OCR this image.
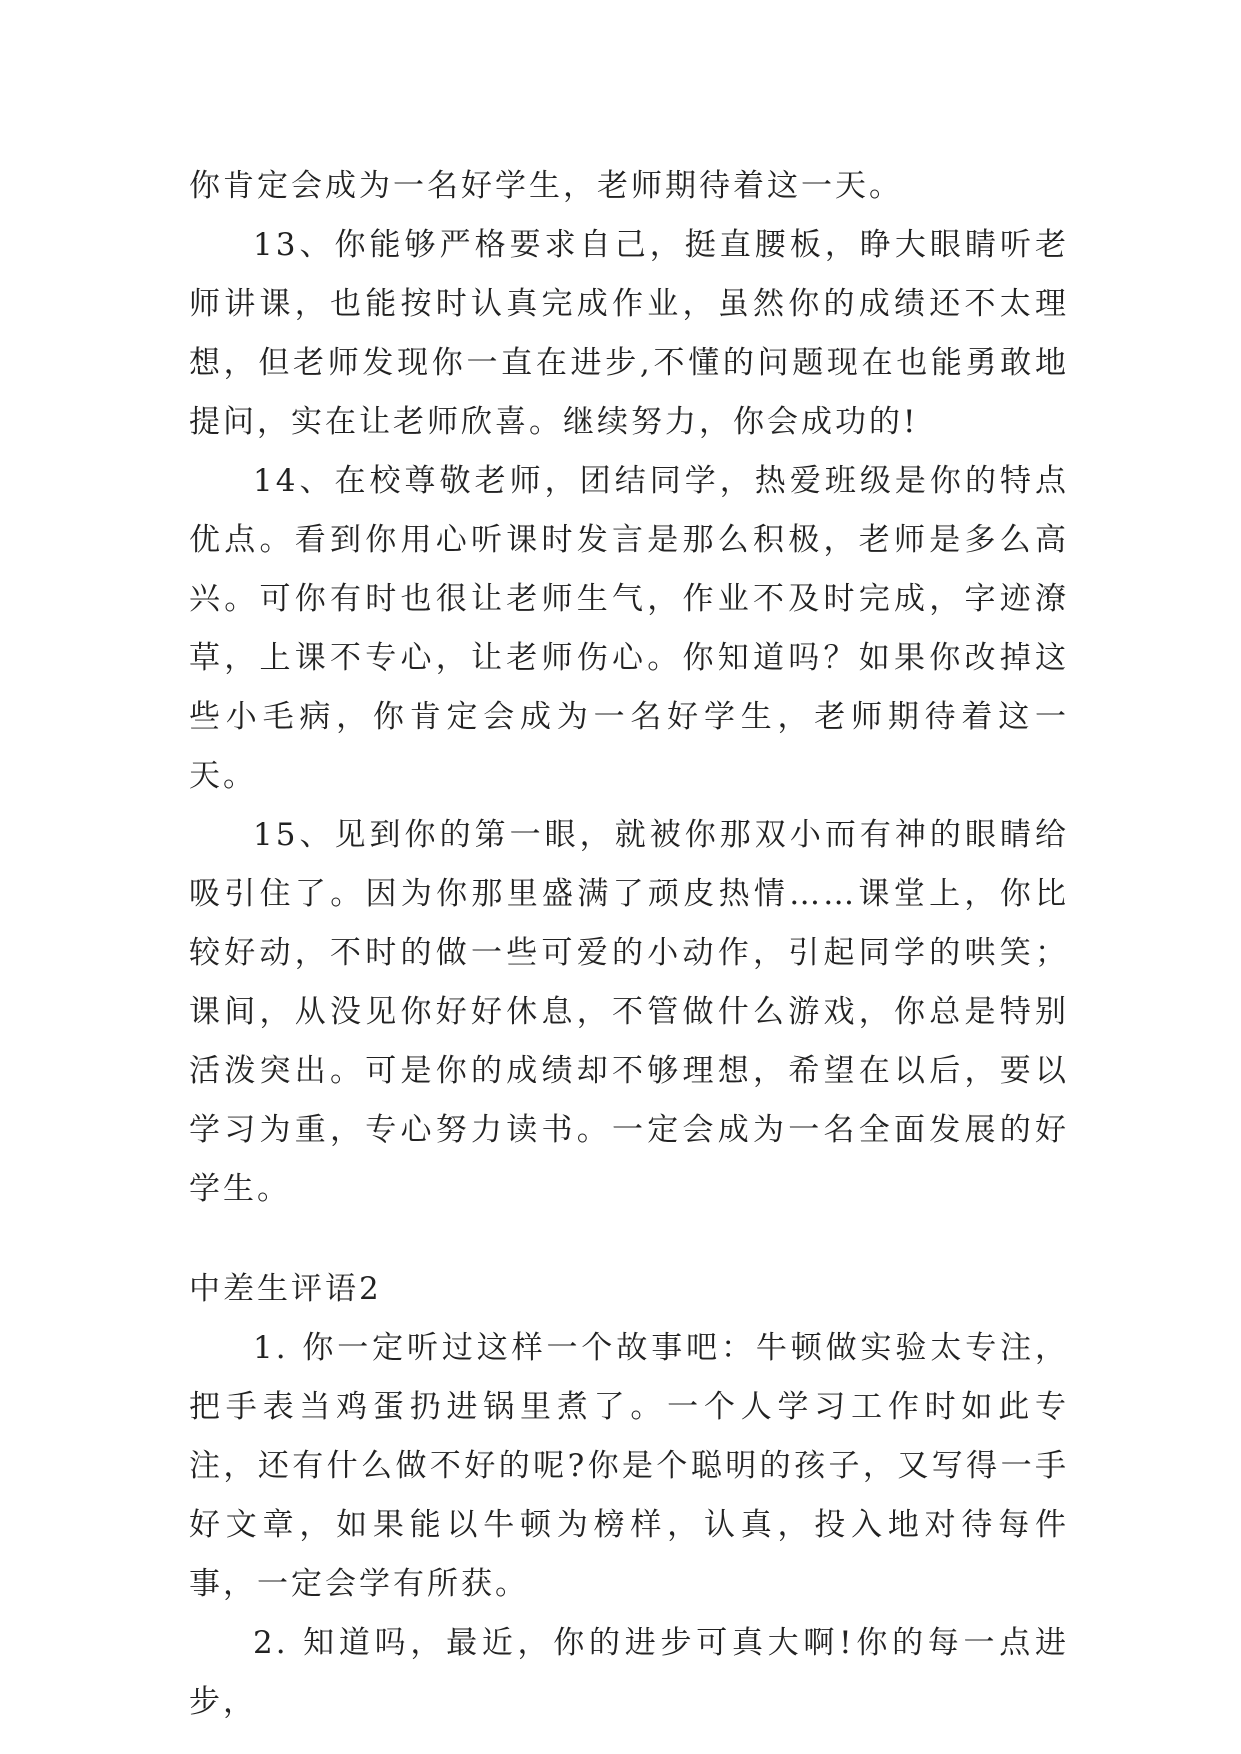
你肯定会成为一名好学生，老师期待着这一天。

13、你能够严格要求自己，挺直腰板，睁大眼睛听老师讲课，也能按时认真完成作业，虽然你的成绩还不太理想，但老师发现你一直在进步,不懂的问题现在也能勇敢地提问，实在让老师欣喜。继续努力，你会成功的!

14、在校尊敬老师，团结同学，热爱班级是你的特点优点。看到你用心听课时发言是那么积极，老师是多么高兴。可你有时也很让老师生气，作业不及时完成，字迹潦草，上课不专心，让老师伤心。你知道吗？如果你改掉这些小毛病，你肯定会成为一名好学生，老师期待着这一天。

15、见到你的第一眼，就被你那双小而有神的眼睛给吸引住了。因为你那里盛满了顽皮热情……课堂上，你比较好动，不时的做一些可爱的小动作，引起同学的哄笑；课间，从没见你好好休息，不管做什么游戏，你总是特别活泼突出。可是你的成绩却不够理想，希望在以后，要以学习为重，专心努力读书。一定会成为一名全面发展的好学生。

中差生评语2

1. 你一定听过这样一个故事吧：牛顿做实验太专注，把手表当鸡蛋扔进锅里煮了。一个人学习工作时如此专注，还有什么做不好的呢?你是个聪明的孩子，又写得一手好文章，如果能以牛顿为榜样，认真，投入地对待每件事，一定会学有所获。

2. 知道吗，最近，你的进步可真大啊!你的每一点进步，
